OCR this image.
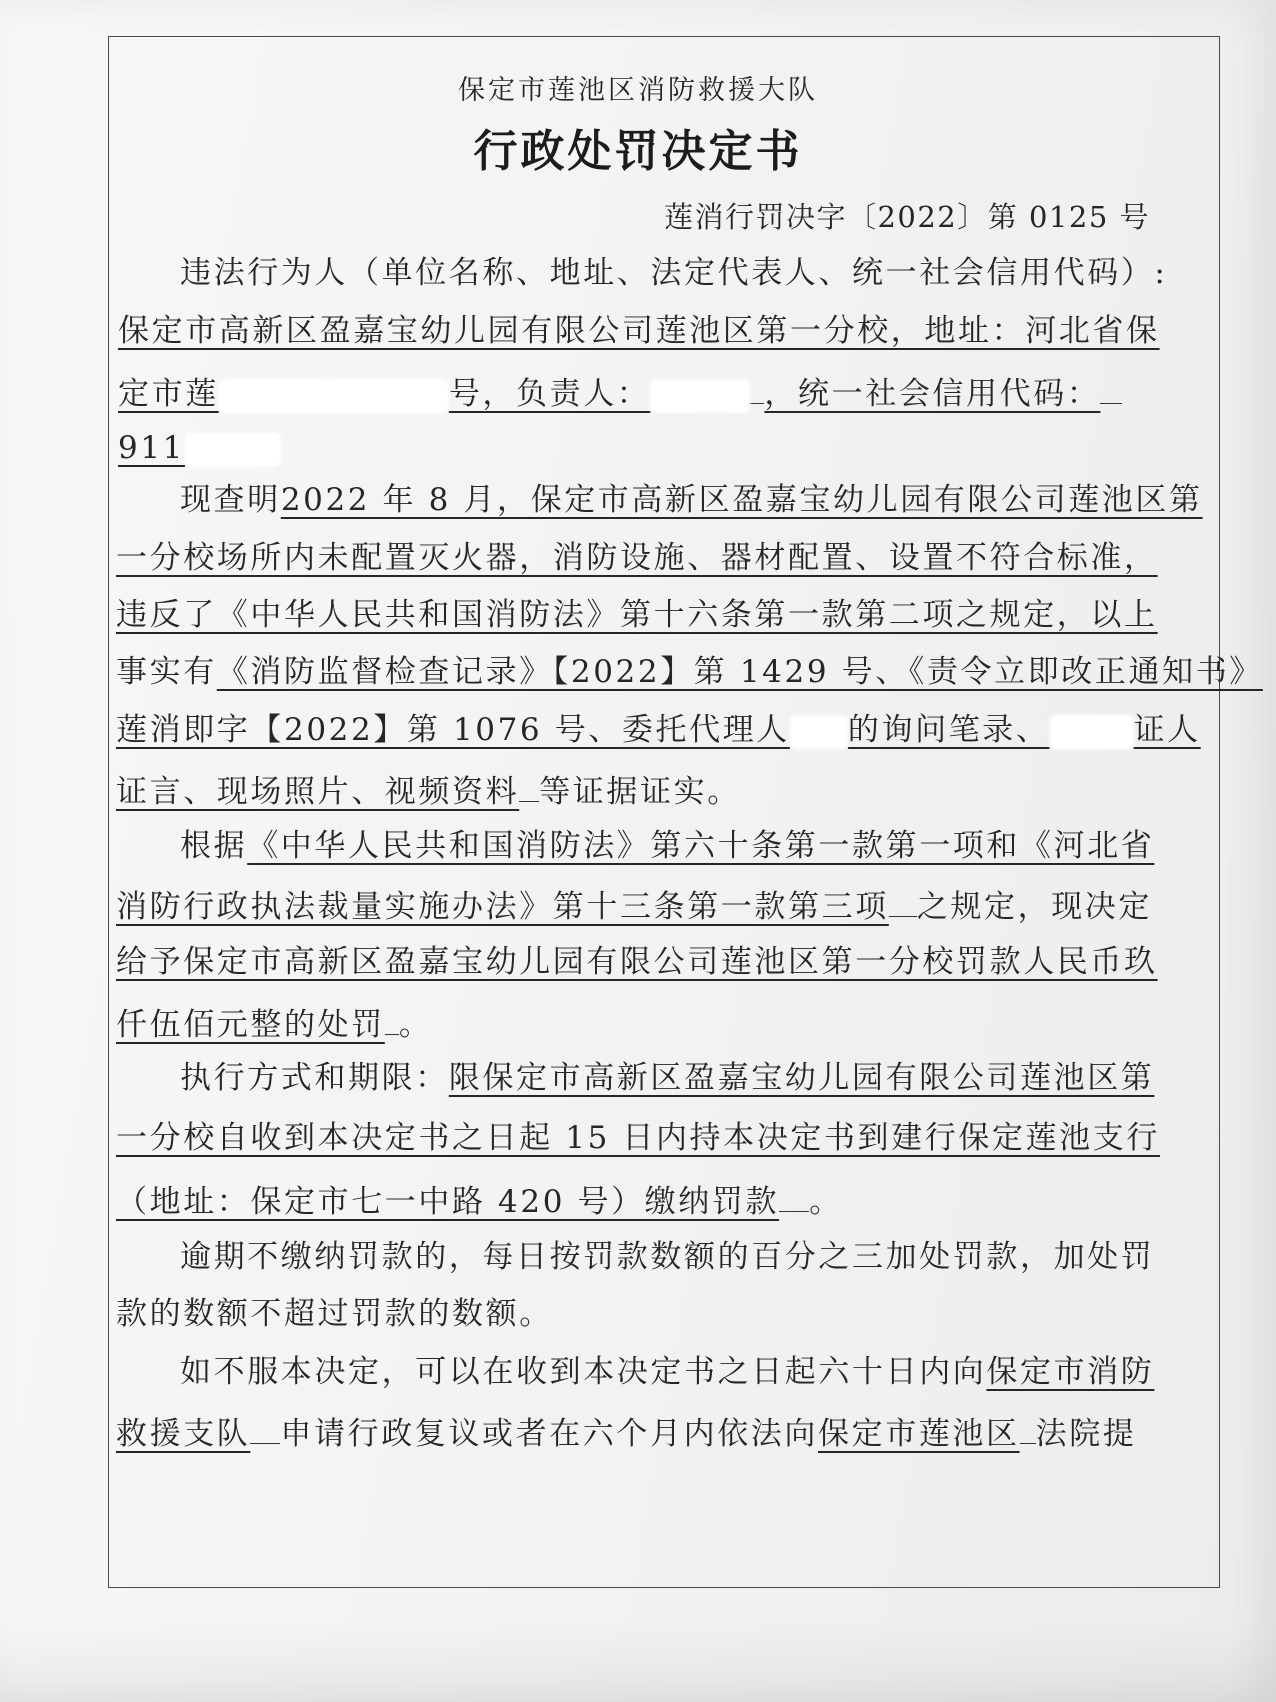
保定市莲池区消防救援大队
行政处罚决定书
莲消行罚决字〔2022〕第 0125 号
违法行为人（单位名称、地址、法定代表人、统一社会信用代码）:
保定市高新区盈嘉宝幼儿园有限公司莲池区第一分校，地址：河北省保
定市莲	号，负责人：	，统一社会信用代码：
911
现查明2022 年 8 月，保定市高新区盈嘉宝幼儿园有限公司莲池区第
一分校场所内未配置灭火器，消防设施、器材配置、设置不符合标准，
违反了《中华人民共和国消防法》第十六条第一款第二项之规定，以上
事实有《消防监督检查记录》【2022】第 1429 号、《责令立即改正通知书》
莲消即字【2022】第 1076 号、委托代理人 的询问笔录、	证人
证言、现场照片、视频资料 等证据证实。
根据《中华人民共和国消防法》第六十条第一款第一项和《河北省
消防行政执法裁量实施办法》第十三条第一款第三项 之规定，现决定
给予保定市高新区盈嘉宝幼儿园有限公司莲池区第一分校罚款人民币玖
仟伍佰元整的处罚 。
执行方式和期限：限保定市高新区盈嘉宝幼儿园有限公司莲池区第
一分校自收到本决定书之日起 15 日内持本决定书到建行保定莲池支行
（地址：保定市七一中路 420 号）缴纳罚款 。
逾期不缴纳罚款的，每日按罚款数额的百分之三加处罚款，加处罚
款的数额不超过罚款的数额。
如不服本决定，可以在收到本决定书之日起六十日内向保定市消防
救援支队 申请行政复议或者在六个月内依法向保定市莲池区 法院提
